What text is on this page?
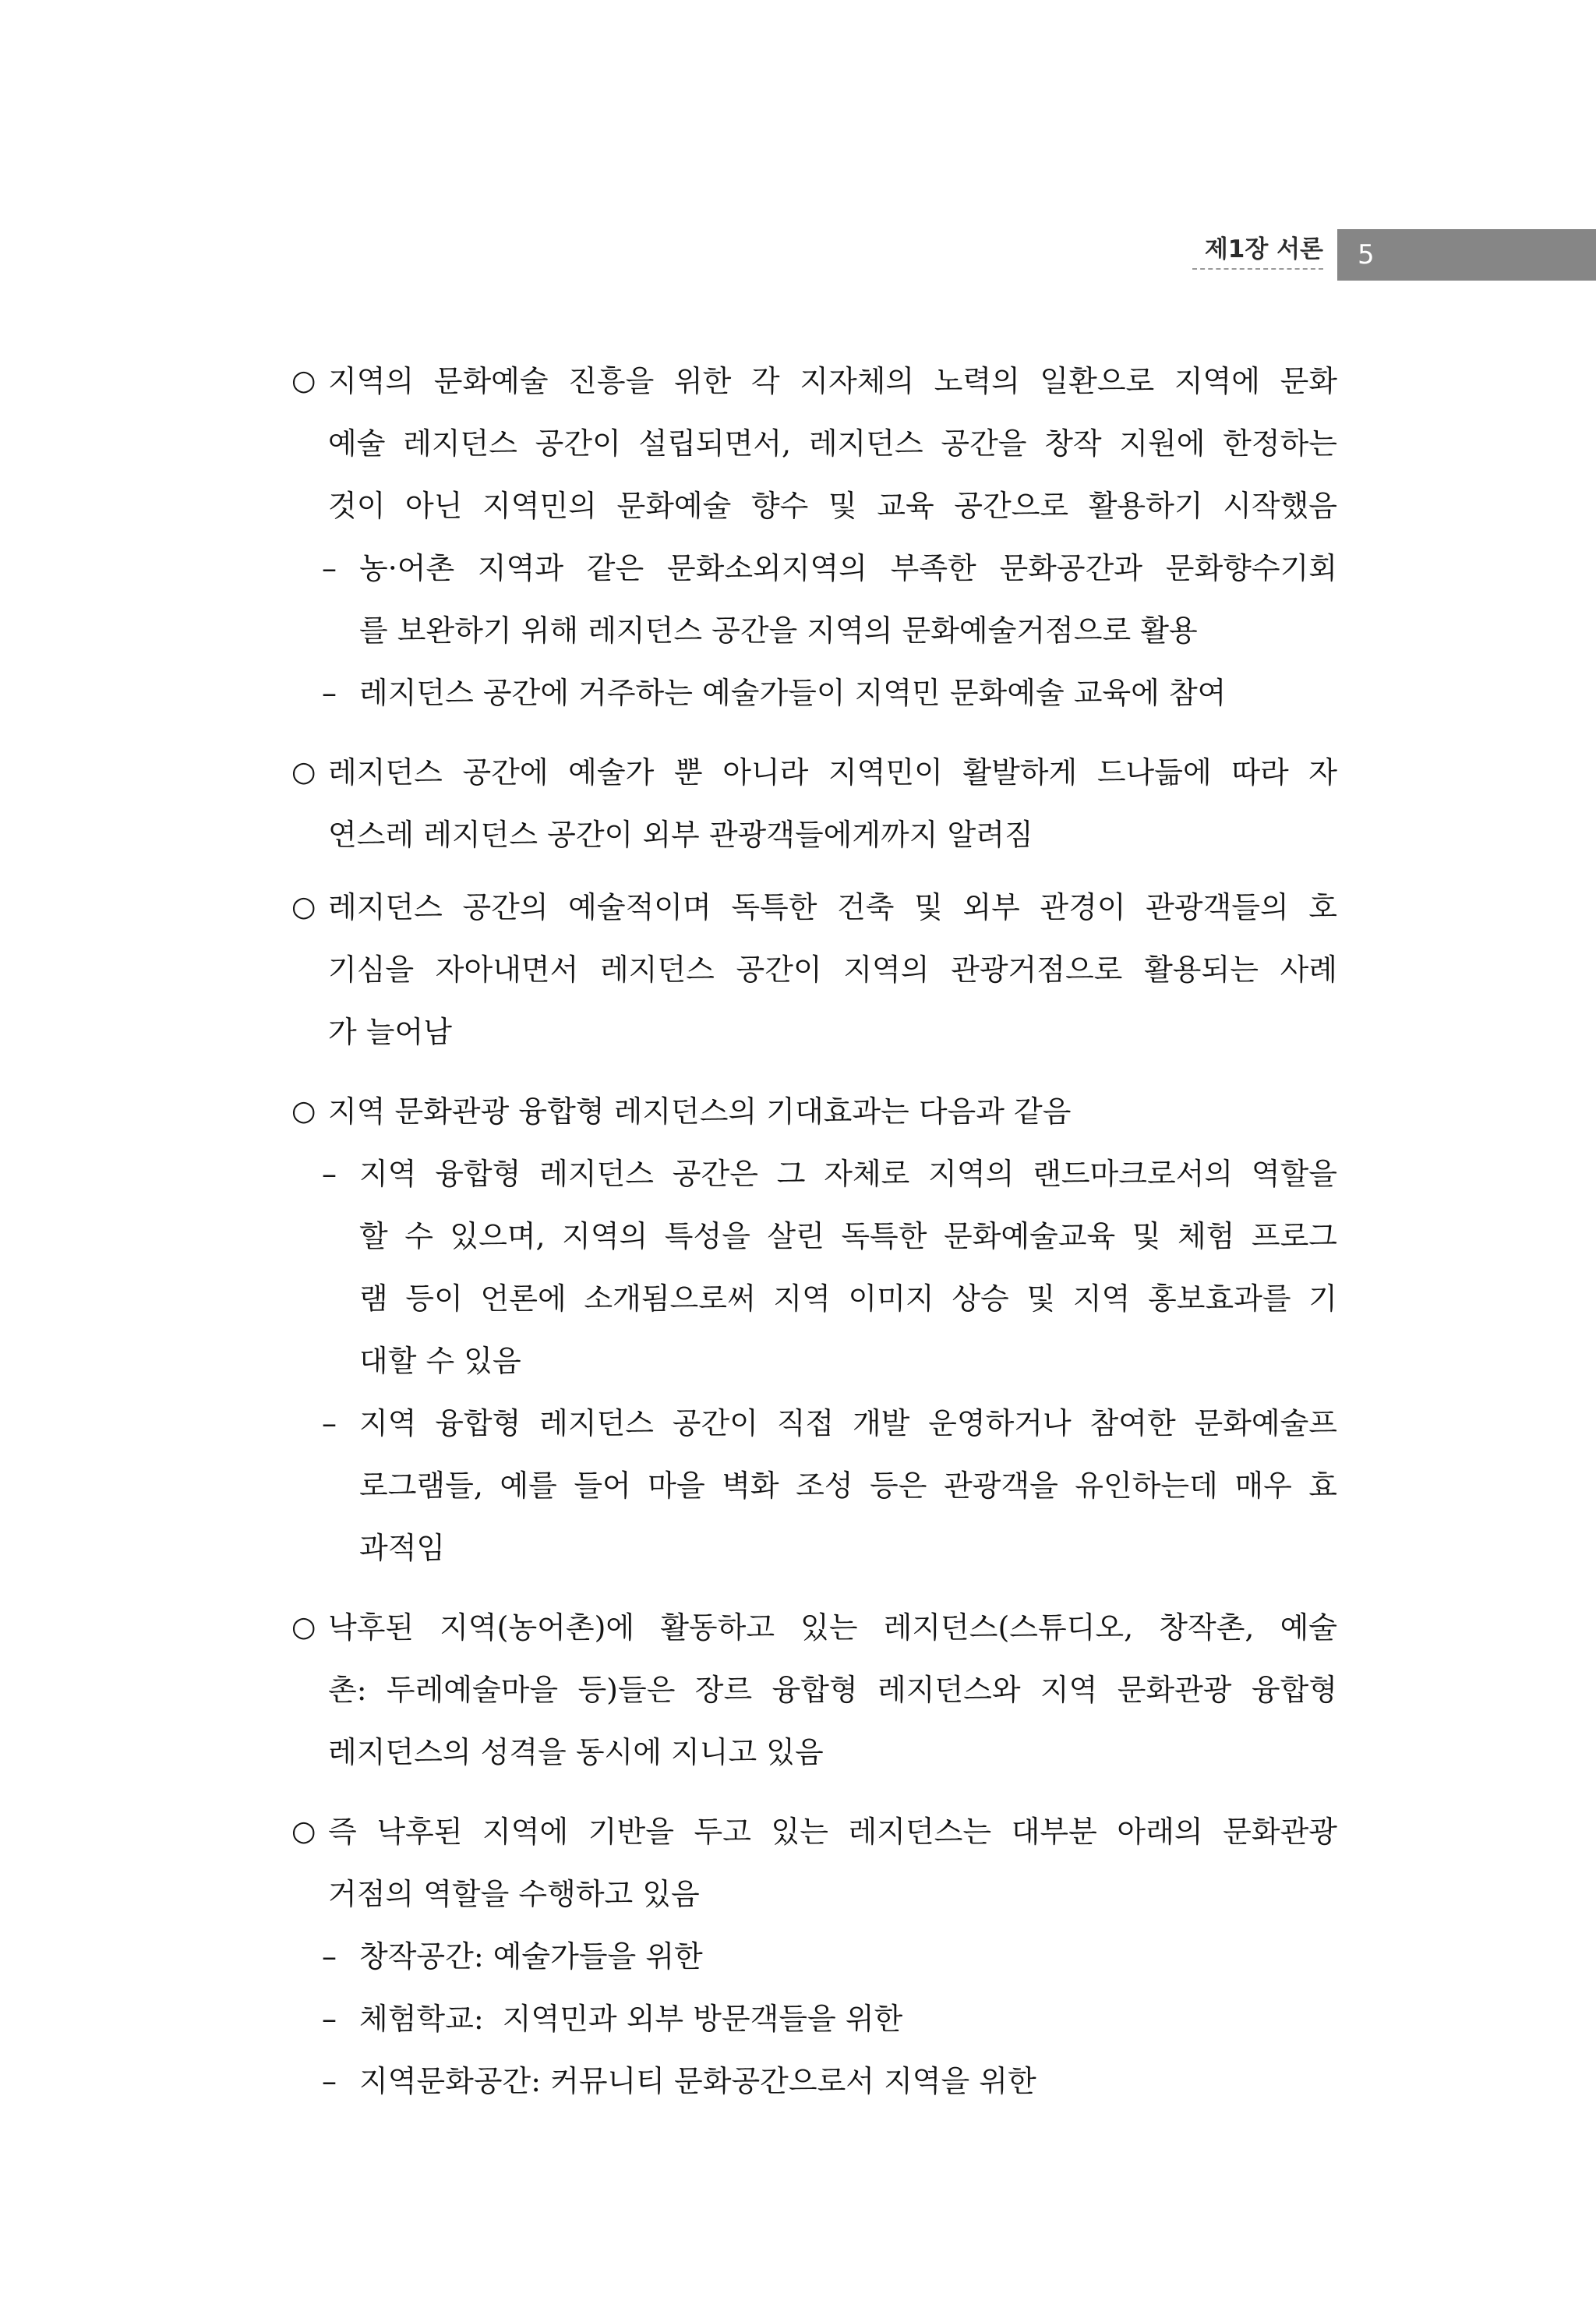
제1장 서론 5
○ 지역의 문화예술 진흥을 위한 각 지자체의 노력의 일환으로 지역에 문화
예술 레지던스 공간이 설립되면서, 레지던스 공간을 창작 지원에 한정하는
것이 아닌 지역민의 문화예술 향수 및 교육 공간으로 활용하기 시작했음
– 농·어촌 지역과 같은 문화소외지역의 부족한 문화공간과 문화향수기회
를 보완하기 위해 레지던스 공간을 지역의 문화예술거점으로 활용
– 레지던스 공간에 거주하는 예술가들이 지역민 문화예술 교육에 참여
○ 레지던스 공간에 예술가 뿐 아니라 지역민이 활발하게 드나듦에 따라 자
연스레 레지던스 공간이 외부 관광객들에게까지 알려짐
○ 레지던스 공간의 예술적이며 독특한 건축 및 외부 관경이 관광객들의 호
기심을 자아내면서 레지던스 공간이 지역의 관광거점으로 활용되는 사례
가 늘어남
○ 지역 문화관광 융합형 레지던스의 기대효과는 다음과 같음
– 지역 융합형 레지던스 공간은 그 자체로 지역의 랜드마크로서의 역할을
할 수 있으며, 지역의 특성을 살린 독특한 문화예술교육 및 체험 프로그
램 등이 언론에 소개됨으로써 지역 이미지 상승 및 지역 홍보효과를 기
대할 수 있음
– 지역 융합형 레지던스 공간이 직접 개발 운영하거나 참여한 문화예술프
로그램들, 예를 들어 마을 벽화 조성 등은 관광객을 유인하는데 매우 효
과적임
○ 낙후된 지역(농어촌)에 활동하고 있는 레지던스(스튜디오, 창작촌, 예술
촌: 두레예술마을 등)들은 장르 융합형 레지던스와 지역 문화관광 융합형
레지던스의 성격을 동시에 지니고 있음
○ 즉 낙후된 지역에 기반을 두고 있는 레지던스는 대부분 아래의 문화관광
거점의 역할을 수행하고 있음
– 창작공간: 예술가들을 위한
– 체험학교:  지역민과 외부 방문객들을 위한
– 지역문화공간: 커뮤니티 문화공간으로서 지역을 위한
